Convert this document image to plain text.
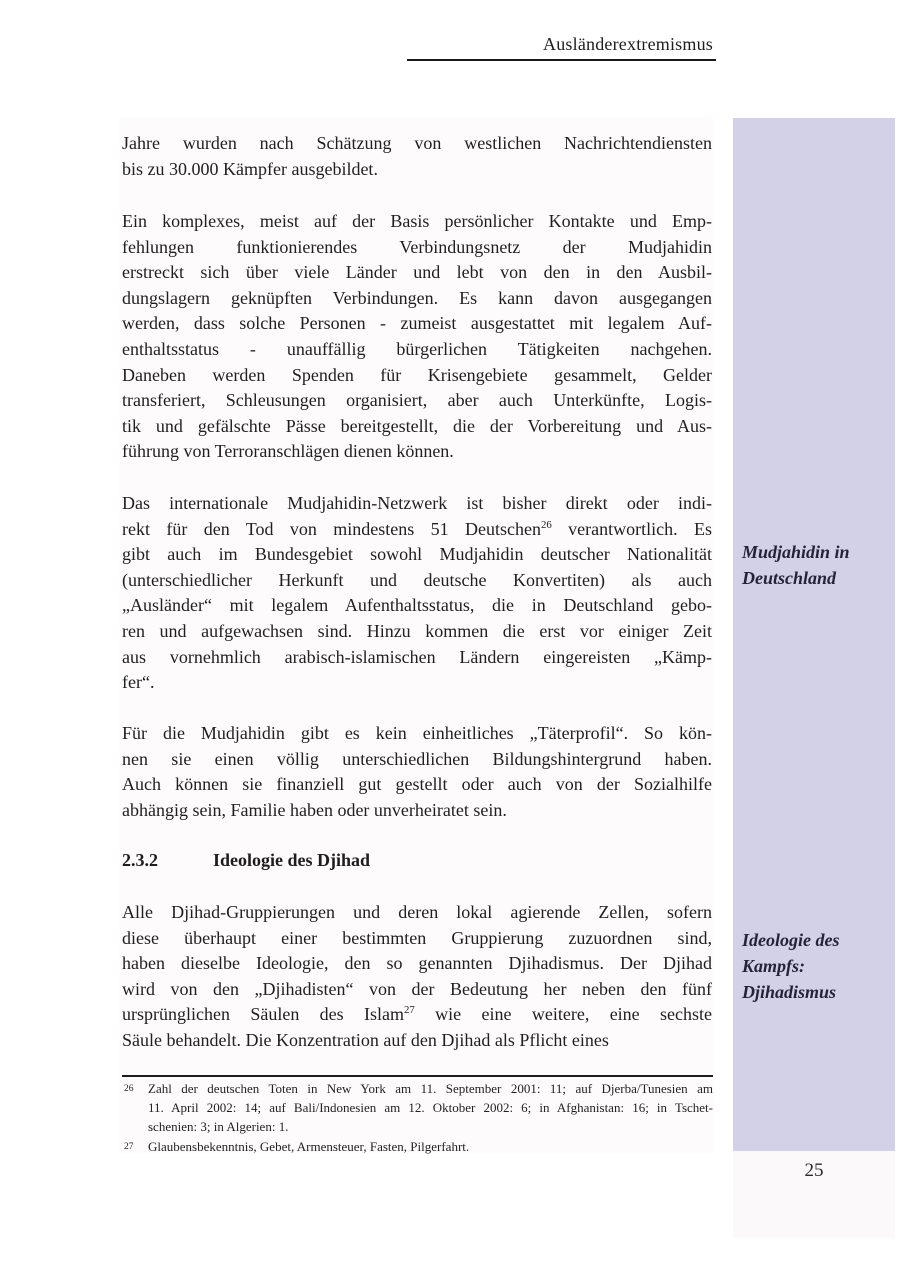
Ausländerextremismus
Mudjahidin in
Deutschland
Ideologie des
Kampfs:
Djihadismus
Jahre wurden nach Schätzung von westlichen Nachrichtendiensten
bis zu 30.000 Kämpfer ausgebildet.
Ein komplexes, meist auf der Basis persönlicher Kontakte und Emp-
fehlungen funktionierendes Verbindungsnetz der Mudjahidin
erstreckt sich über viele Länder und lebt von den in den Ausbil-
dungslagern geknüpften Verbindungen. Es kann davon ausgegangen
werden, dass solche Personen - zumeist ausgestattet mit legalem Auf-
enthaltsstatus - unauffällig bürgerlichen Tätigkeiten nachgehen.
Daneben werden Spenden für Krisengebiete gesammelt, Gelder
transferiert, Schleusungen organisiert, aber auch Unterkünfte, Logis-
tik und gefälschte Pässe bereitgestellt, die der Vorbereitung und Aus-
führung von Terroranschlägen dienen können.
Das internationale Mudjahidin-Netzwerk ist bisher direkt oder indi-
rekt für den Tod von mindestens 51 Deutschen$^{26}$ verantwortlich. Es
gibt auch im Bundesgebiet sowohl Mudjahidin deutscher Nationalität
(unterschiedlicher Herkunft und deutsche Konvertiten) als auch
„Ausländer“ mit legalem Aufenthaltsstatus, die in Deutschland gebo-
ren und aufgewachsen sind. Hinzu kommen die erst vor einiger Zeit
aus vornehmlich arabisch-islamischen Ländern eingereisten „Kämp-
fer“.
Für die Mudjahidin gibt es kein einheitliches „Täterprofil“. So kön-
nen sie einen völlig unterschiedlichen Bildungshintergrund haben.
Auch können sie finanziell gut gestellt oder auch von der Sozialhilfe
abhängig sein, Familie haben oder unverheiratet sein.
2.3.2	Ideologie des Djihad
Alle Djihad-Gruppierungen und deren lokal agierende Zellen, sofern
diese überhaupt einer bestimmten Gruppierung zuzuordnen sind,
haben dieselbe Ideologie, den so genannten Djihadismus. Der Djihad
wird von den „Djihadisten“ von der Bedeutung her neben den fünf
ursprünglichen Säulen des Islam$^{27}$ wie eine weitere, eine sechste
Säule behandelt. Die Konzentration auf den Djihad als Pflicht eines
26 Zahl der deutschen Toten in New York am 11. September 2001: 11; auf Djerba/Tunesien am
11. April 2002: 14; auf Bali/Indonesien am 12. Oktober 2002: 6; in Afghanistan: 16; in Tschet-
schenien: 3; in Algerien: 1.
27 Glaubensbekenntnis, Gebet, Armensteuer, Fasten, Pilgerfahrt.
25
